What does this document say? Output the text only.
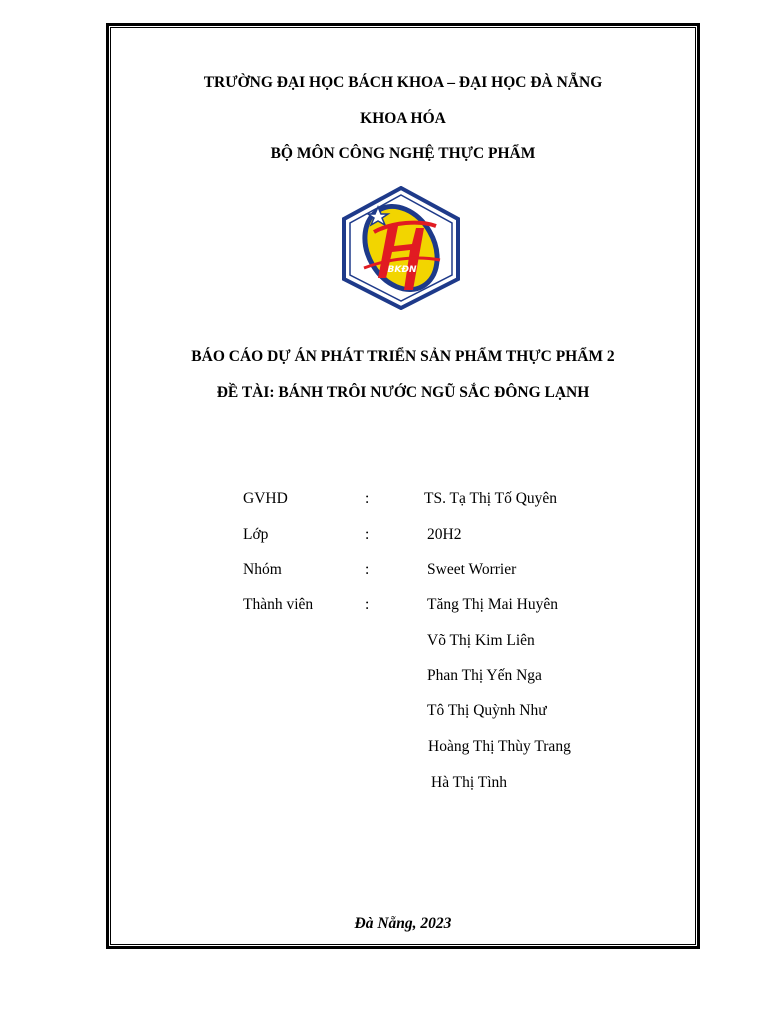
TRƯỜNG ĐẠI HỌC BÁCH KHOA – ĐẠI HỌC ĐÀ NẴNG
KHOA HÓA
BỘ MÔN CÔNG NGHỆ THỰC PHẨM
BKĐN
BÁO CÁO DỰ ÁN PHÁT TRIỂN SẢN PHẨM THỰC PHẨM 2
ĐỀ TÀI: BÁNH TRÔI NƯỚC NGŨ SẮC ĐÔNG LẠNH
GVHD	:	TS. Tạ Thị Tố Quyên
Lớp	:	20H2
Nhóm	:	Sweet Worrier
Thành viên	:	Tăng Thị Mai Huyên
Võ Thị Kim Liên
Phan Thị Yến Nga
Tô Thị Quỳnh Như
Hoàng Thị Thùy Trang
Hà Thị Tình
Đà Nẵng, 2023
